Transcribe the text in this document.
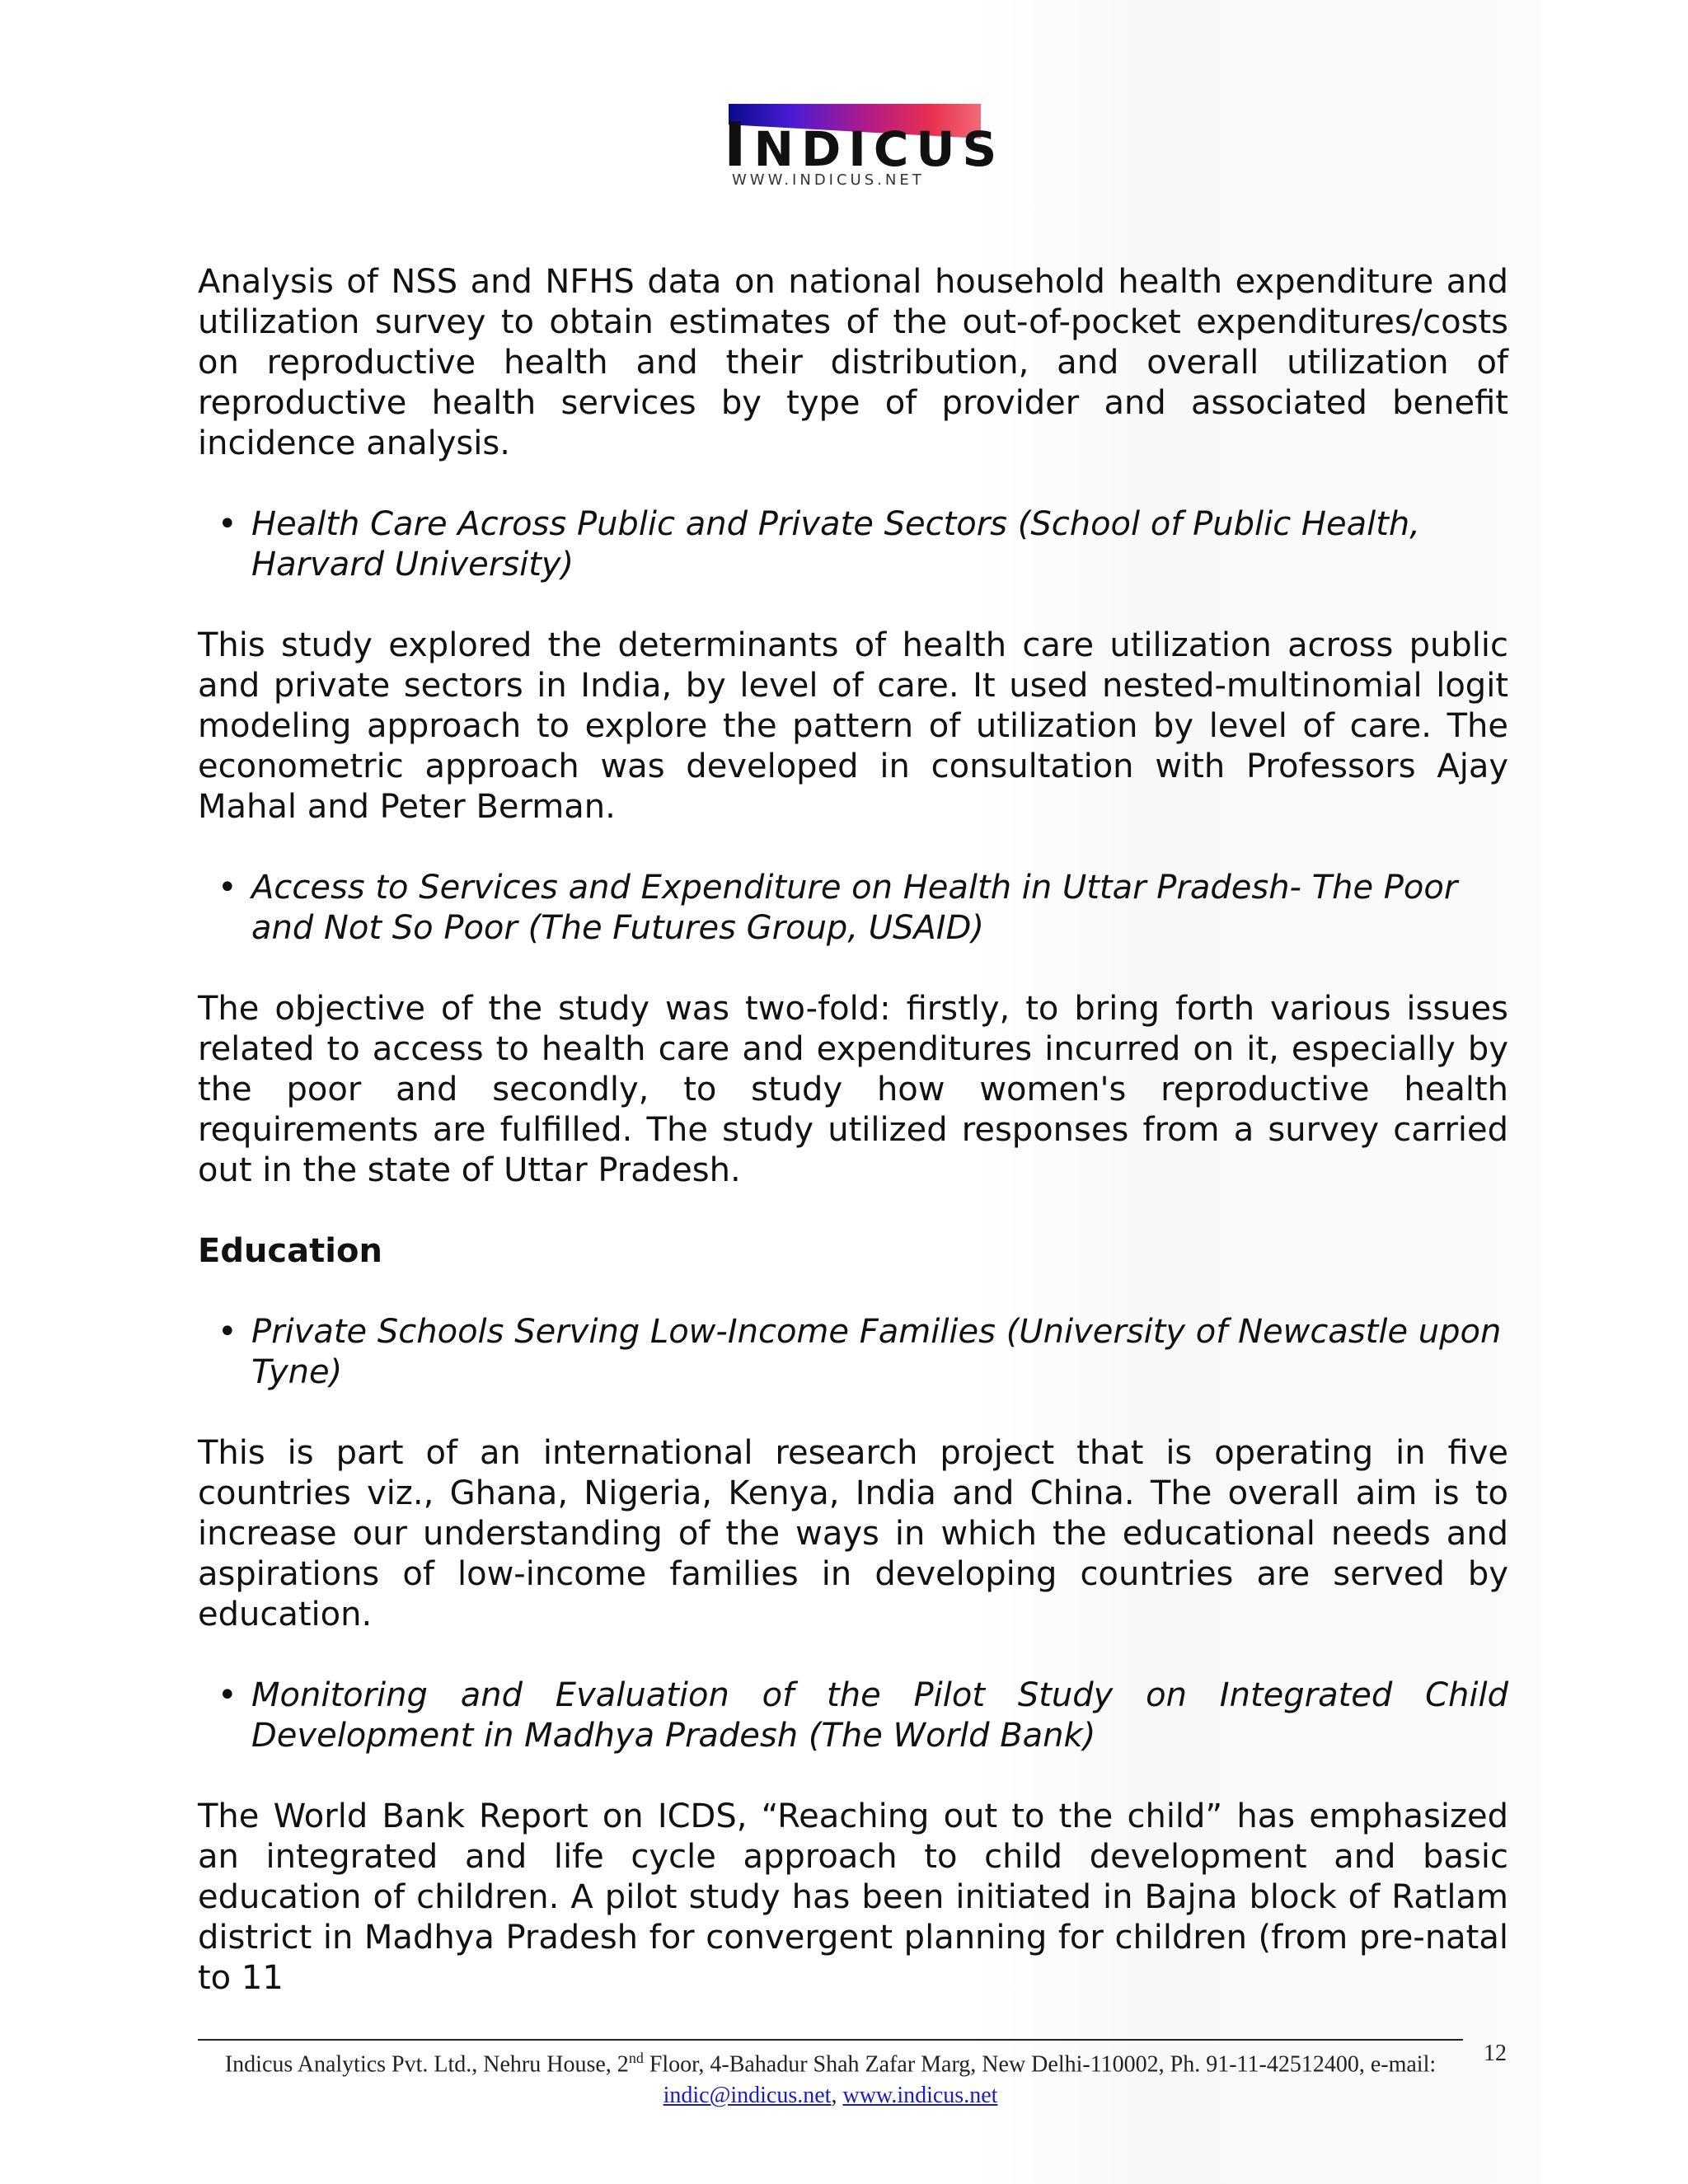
INDICUS
WWW.INDICUS.NET

Analysis of NSS and NFHS data on national household health expenditure and utilization survey to obtain estimates of the out-of-pocket expenditures/costs on reproductive health and their distribution, and overall utilization of reproductive health services by type of provider and associated benefit incidence analysis.

• Health Care Across Public and Private Sectors (School of Public Health, Harvard University)

This study explored the determinants of health care utilization across public and private sectors in India, by level of care. It used nested-multinomial logit modeling approach to explore the pattern of utilization by level of care. The econometric approach was developed in consultation with Professors Ajay Mahal and Peter Berman.

• Access to Services and Expenditure on Health in Uttar Pradesh- The Poor and Not So Poor (The Futures Group, USAID)

The objective of the study was two-fold: firstly, to bring forth various issues related to access to health care and expenditures incurred on it, especially by the poor and secondly, to study how women's reproductive health requirements are fulfilled. The study utilized responses from a survey carried out in the state of Uttar Pradesh.

Education

• Private Schools Serving Low-Income Families (University of Newcastle upon Tyne)

This is part of an international research project that is operating in five countries viz., Ghana, Nigeria, Kenya, India and China. The overall aim is to increase our understanding of the ways in which the educational needs and aspirations of low-income families in developing countries are served by education.

• Monitoring and Evaluation of the Pilot Study on Integrated Child Development in Madhya Pradesh (The World Bank)

The World Bank Report on ICDS, “Reaching out to the child” has emphasized an integrated and life cycle approach to child development and basic education of children. A pilot study has been initiated in Bajna block of Ratlam district in Madhya Pradesh for convergent planning for children (from pre-natal to 11

Indicus Analytics Pvt. Ltd., Nehru House, 2nd Floor, 4-Bahadur Shah Zafar Marg, New Delhi-110002, Ph. 91-11-42512400, e-mail: indic@indicus.net, www.indicus.net
12
